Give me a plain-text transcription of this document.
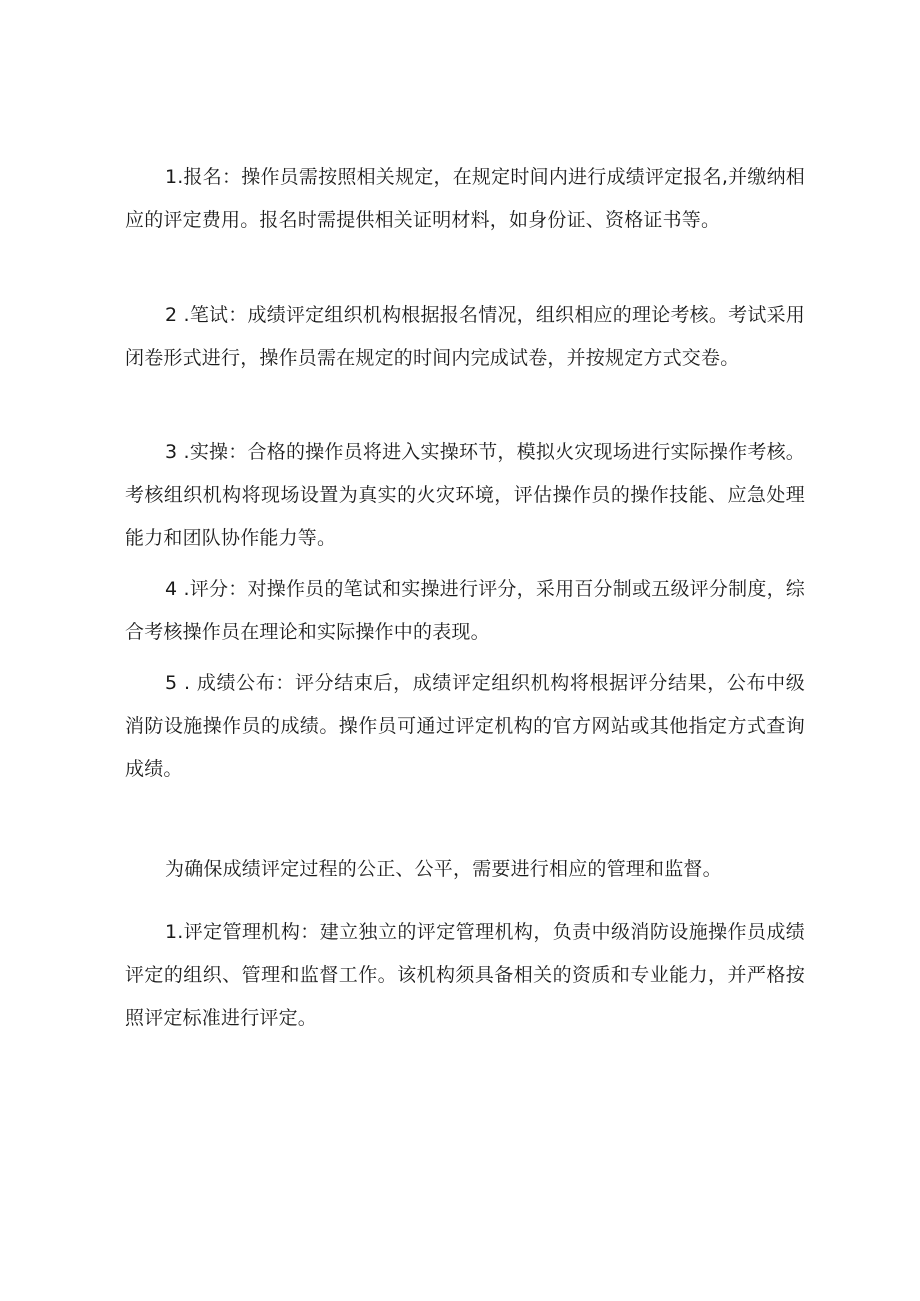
1.报名：操作员需按照相关规定，在规定时间内进行成绩评定报名,并缴纳相应的评定费用。报名时需提供相关证明材料，如身份证、资格证书等。

2 .笔试：成绩评定组织机构根据报名情况，组织相应的理论考核。考试采用闭卷形式进行，操作员需在规定的时间内完成试卷，并按规定方式交卷。

3 .实操：合格的操作员将进入实操环节，模拟火灾现场进行实际操作考核。考核组织机构将现场设置为真实的火灾环境，评估操作员的操作技能、应急处理能力和团队协作能力等。

4 .评分：对操作员的笔试和实操进行评分，采用百分制或五级评分制度，综合考核操作员在理论和实际操作中的表现。

5 . 成绩公布：评分结束后，成绩评定组织机构将根据评分结果，公布中级消防设施操作员的成绩。操作员可通过评定机构的官方网站或其他指定方式查询成绩。

为确保成绩评定过程的公正、公平，需要进行相应的管理和监督。

1.评定管理机构：建立独立的评定管理机构，负责中级消防设施操作员成绩评定的组织、管理和监督工作。该机构须具备相关的资质和专业能力，并严格按照评定标准进行评定。
